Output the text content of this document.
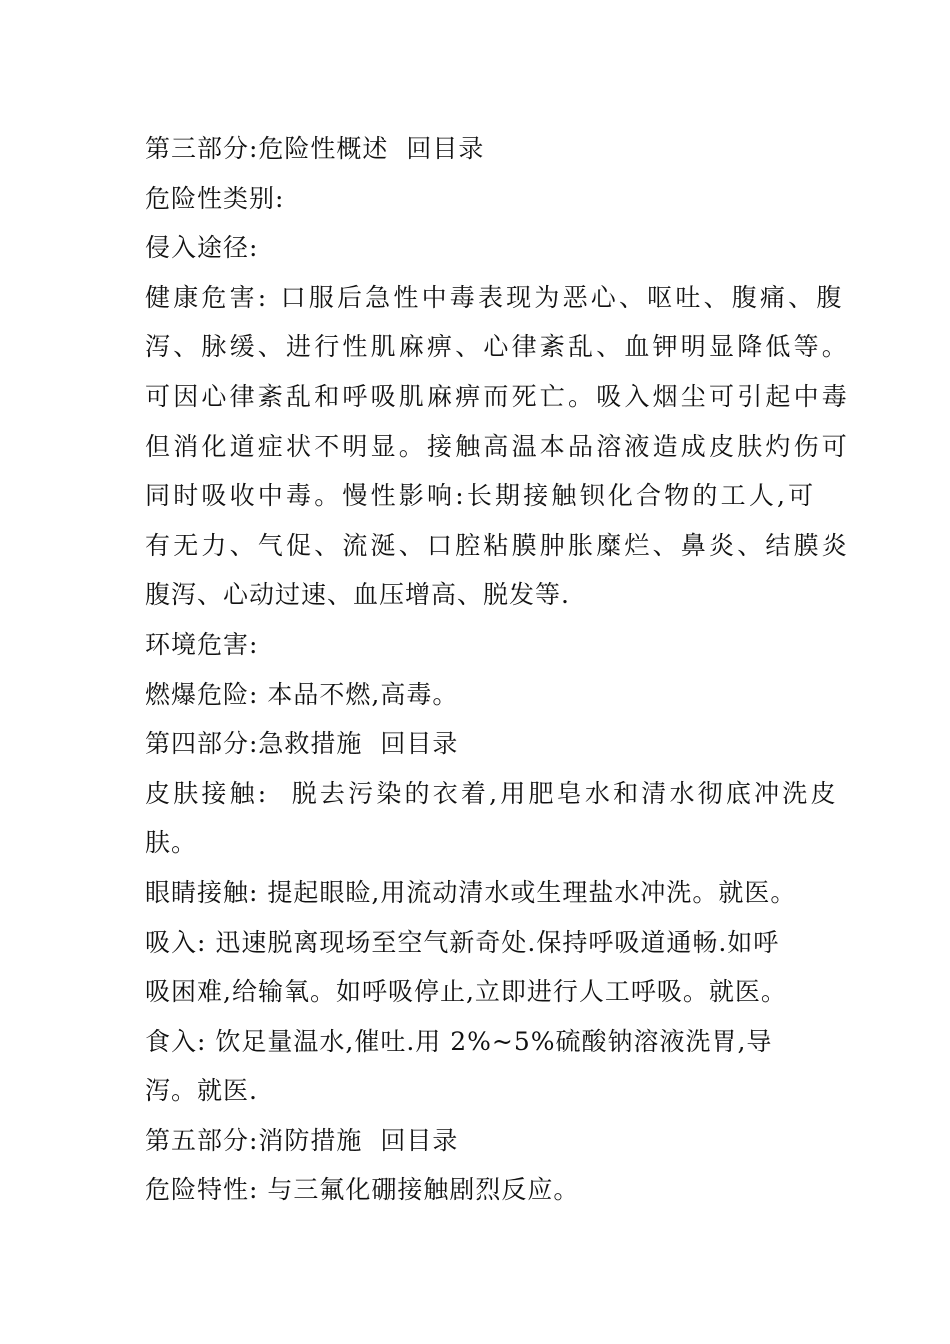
第三部分:危险性概述  回目录
危险性类别:
侵入途径:
健康危害: 口服后急性中毒表现为恶心、呕吐、腹痛、腹
泻、脉缓、进行性肌麻痹、心律紊乱、血钾明显降低等。
可因心律紊乱和呼吸肌麻痹而死亡。吸入烟尘可引起中毒
但消化道症状不明显。接触高温本品溶液造成皮肤灼伤可
同时吸收中毒。慢性影响:长期接触钡化合物的工人,可
有无力、气促、流涎、口腔粘膜肿胀糜烂、鼻炎、结膜炎
腹泻、心动过速、血压增高、脱发等.
环境危害:
燃爆危险: 本品不燃,高毒。
第四部分:急救措施  回目录
皮肤接触:  脱去污染的衣着,用肥皂水和清水彻底冲洗皮
肤。
眼睛接触: 提起眼睑,用流动清水或生理盐水冲洗。就医。
吸入: 迅速脱离现场至空气新奇处.保持呼吸道通畅.如呼
吸困难,给输氧。如呼吸停止,立即进行人工呼吸。就医。
食入: 饮足量温水,催吐.用 2%~5%硫酸钠溶液洗胃,导
泻。就医.
第五部分:消防措施  回目录
危险特性: 与三氟化硼接触剧烈反应。
